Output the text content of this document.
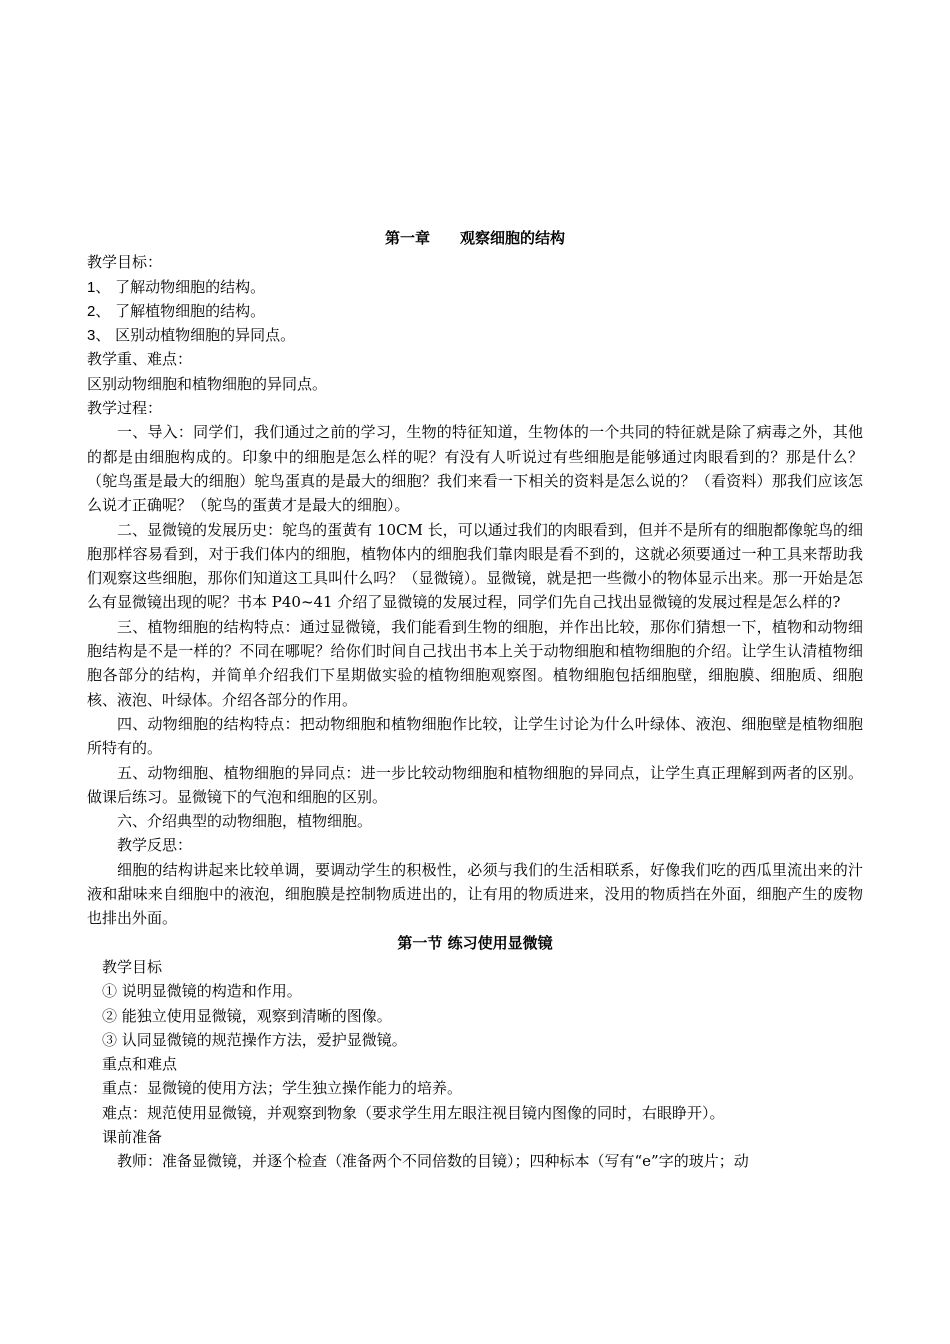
第一章 观察细胞的结构
教学目标：
1、 了解动物细胞的结构。
2、 了解植物细胞的结构。
3、 区别动植物细胞的异同点。
教学重、难点：
区别动物细胞和植物细胞的异同点。
教学过程：

一、导入：同学们，我们通过之前的学习，生物的特征知道，生物体的一个共同的特征就是除了病毒之外，其他的都是由细胞构成的。印象中的细胞是怎么样的呢？有没有人听说过有些细胞是能够通过肉眼看到的？那是什么？（鸵鸟蛋是最大的细胞）鸵鸟蛋真的是最大的细胞？我们来看一下相关的资料是怎么说的？（看资料）那我们应该怎么说才正确呢？（鸵鸟的蛋黄才是最大的细胞）。

二、显微镜的发展历史：鸵鸟的蛋黄有 10CM 长，可以通过我们的肉眼看到，但并不是所有的细胞都像鸵鸟的细胞那样容易看到，对于我们体内的细胞，植物体内的细胞我们靠肉眼是看不到的，这就必须要通过一种工具来帮助我们观察这些细胞，那你们知道这工具叫什么吗？（显微镜）。显微镜，就是把一些微小的物体显示出来。那一开始是怎么有显微镜出现的呢？书本 P40~41 介绍了显微镜的发展过程，同学们先自己找出显微镜的发展过程是怎么样的?

三、植物细胞的结构特点：通过显微镜，我们能看到生物的细胞，并作出比较，那你们猜想一下，植物和动物细胞结构是不是一样的？不同在哪呢？给你们时间自己找出书本上关于动物细胞和植物细胞的介绍。让学生认清植物细胞各部分的结构，并简单介绍我们下星期做实验的植物细胞观察图。植物细胞包括细胞壁，细胞膜、细胞质、细胞核、液泡、叶绿体。介绍各部分的作用。

四、动物细胞的结构特点：把动物细胞和植物细胞作比较，让学生讨论为什么叶绿体、液泡、细胞壁是植物细胞所特有的。

五、动物细胞、植物细胞的异同点：进一步比较动物细胞和植物细胞的异同点，让学生真正理解到两者的区别。做课后练习。显微镜下的气泡和细胞的区别。

六、介绍典型的动物细胞，植物细胞。

教学反思：

细胞的结构讲起来比较单调，要调动学生的积极性，必须与我们的生活相联系，好像我们吃的西瓜里流出来的汁液和甜味来自细胞中的液泡，细胞膜是控制物质进出的，让有用的物质进来，没用的物质挡在外面，细胞产生的废物也排出外面。

第一节 练习使用显微镜
教学目标
① 说明显微镜的构造和作用。
② 能独立使用显微镜，观察到清晰的图像。
③ 认同显微镜的规范操作方法，爱护显微镜。
重点和难点
重点：显微镜的使用方法；学生独立操作能力的培养。
难点：规范使用显微镜，并观察到物象（要求学生用左眼注视目镜内图像的同时，右眼睁开）。
课前准备
教师：准备显微镜，并逐个检查（准备两个不同倍数的目镜）；四种标本（写有“e”字的玻片；动
